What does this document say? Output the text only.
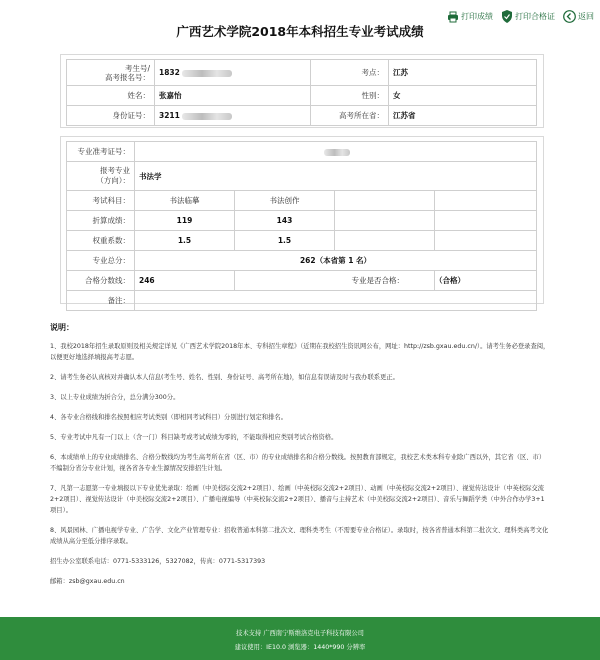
广西艺术学院2018年本科招生专业考试成绩
打印成绩	打印合格证	返回
考生号/
高考报名号：	1832	考点：	江苏
姓名：	张嘉怡	性别：	女
身份证号：	3211	高考所在省：	江苏省
专业准考证号：				

报考专业
（方向）：	书法学			
考试科目：	书法临摹	书法创作		
折算成绩：	119	143		
权重系数：	1.5	1.5		
专业总分：	262（本省第 1 名）			
合格分数线：	246	专业是否合格：		（合格）
备注：				
说明：

1、我校2018年招生录取原则及相关规定详见《广西艺术学院2018年本、专科招生章程》（近期在我校招生资讯网公布，网址：http://zsb.gxau.edu.cn/）。请考生务必登录查阅，以便更好地选择填报高考志愿。

2、请考生务必认真核对并确认本人信息(考生号、姓名、性别、身份证号、高考所在地)，如信息有误请及时与我办联系更正。

3、以上专业成绩为折合分，总分满分300分。

4、各专业合格线和排名按照相应考试类别（即相同考试科目）分别进行划定和排名。

5、专业考试中凡有一门以上（含一门）科目缺考或考试成绩为零的，不能取得相应类别考试合格资格。

6、本成绩单上的专业成绩排名、合格分数线均为考生高考所在省（区、市）的专业成绩排名和合格分数线。按照教育部规定，我校艺术类本科专业除广西以外，其它省（区、市）不编制分省分专业计划，视各省各专业生源情况安排招生计划。

7、凡第一志愿第一专业填报以下专业优先录取：绘画（中美校际交流2+2项目）、绘画（中英校际交流2+2项目）、动画（中英校际交流2+2项目）、视觉传达设计（中英校际交流2+2项目）、视觉传达设计（中美校际交流2+2项目）、广播电视编导（中英校际交流2+2项目）、播音与主持艺术（中美校际交流2+2项目）、音乐与舞蹈学类（中外合作办学3+1项目）。

8、风景园林、广播电视学专业、广告学、文化产业管理专业：招收普通本科第二批次文、理科类考生（不需要专业合格证）。录取时，按各省普通本科第二批次文、理科类高考文化成绩从高分至低分排序录取。

招生办公室联系电话：0771-5333126，5327082，传真：0771-5317393

邮箱：zsb@gxau.edu.cn

技术支持 广西南宁斯维洛克电子科技有限公司
建议使用：IE10.0 浏览器：1440*990 分辨率
